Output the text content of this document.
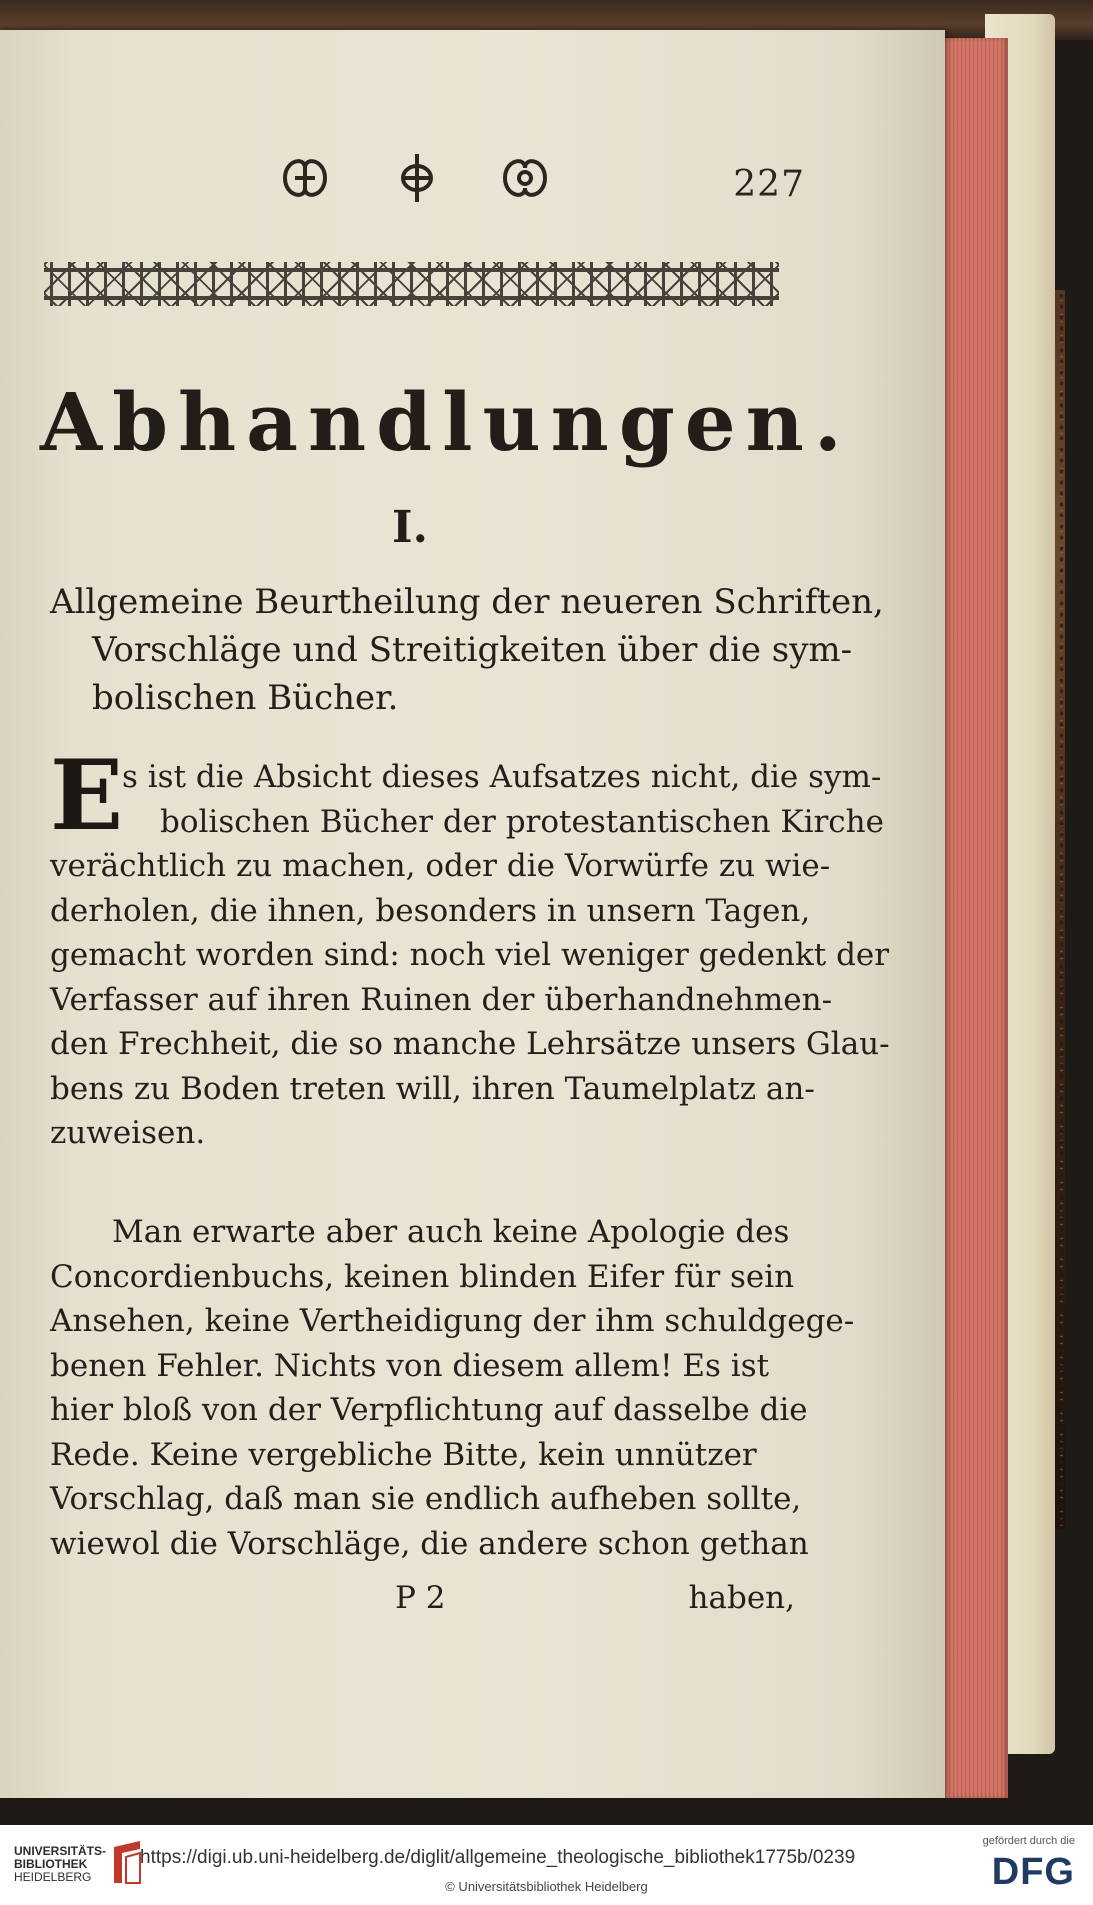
227
Abhandlungen.
I.
Allgemeine Beurtheilung der neueren Schriften,
Vorschläge und Streitigkeiten über die sym-
bolischen Bücher.
E
s ist die Absicht dieses Aufsatzes nicht, die sym-
bolischen Bücher der protestantischen Kirche
verächtlich zu machen, oder die Vorwürfe zu wie-
derholen, die ihnen, besonders in unsern Tagen,
gemacht worden sind: noch viel weniger gedenkt der
Verfasser auf ihren Ruinen der überhandnehmen-
den Frechheit, die so manche Lehrsätze unsers Glau-
bens zu Boden treten will, ihren Taumelplatz an-
zuweisen.
Man erwarte aber auch keine Apologie des
Concordienbuchs, keinen blinden Eifer für sein
Ansehen, keine Vertheidigung der ihm schuldgege-
benen Fehler. Nichts von diesem allem! Es ist
hier bloß von der Verpflichtung auf dasselbe die
Rede. Keine vergebliche Bitte, kein unnützer
Vorschlag, daß man sie endlich aufheben sollte,
wiewol die Vorschläge, die andere schon gethan
P 2	haben,
UNIVERSITÄTS-
BIBLIOTHEK
HEIDELBERG
https://digi.ub.uni-heidelberg.de/diglit/allgemeine_theologische_bibliothek1775b/0239
© Universitätsbibliothek Heidelberg
gefördert durch die
DFG
